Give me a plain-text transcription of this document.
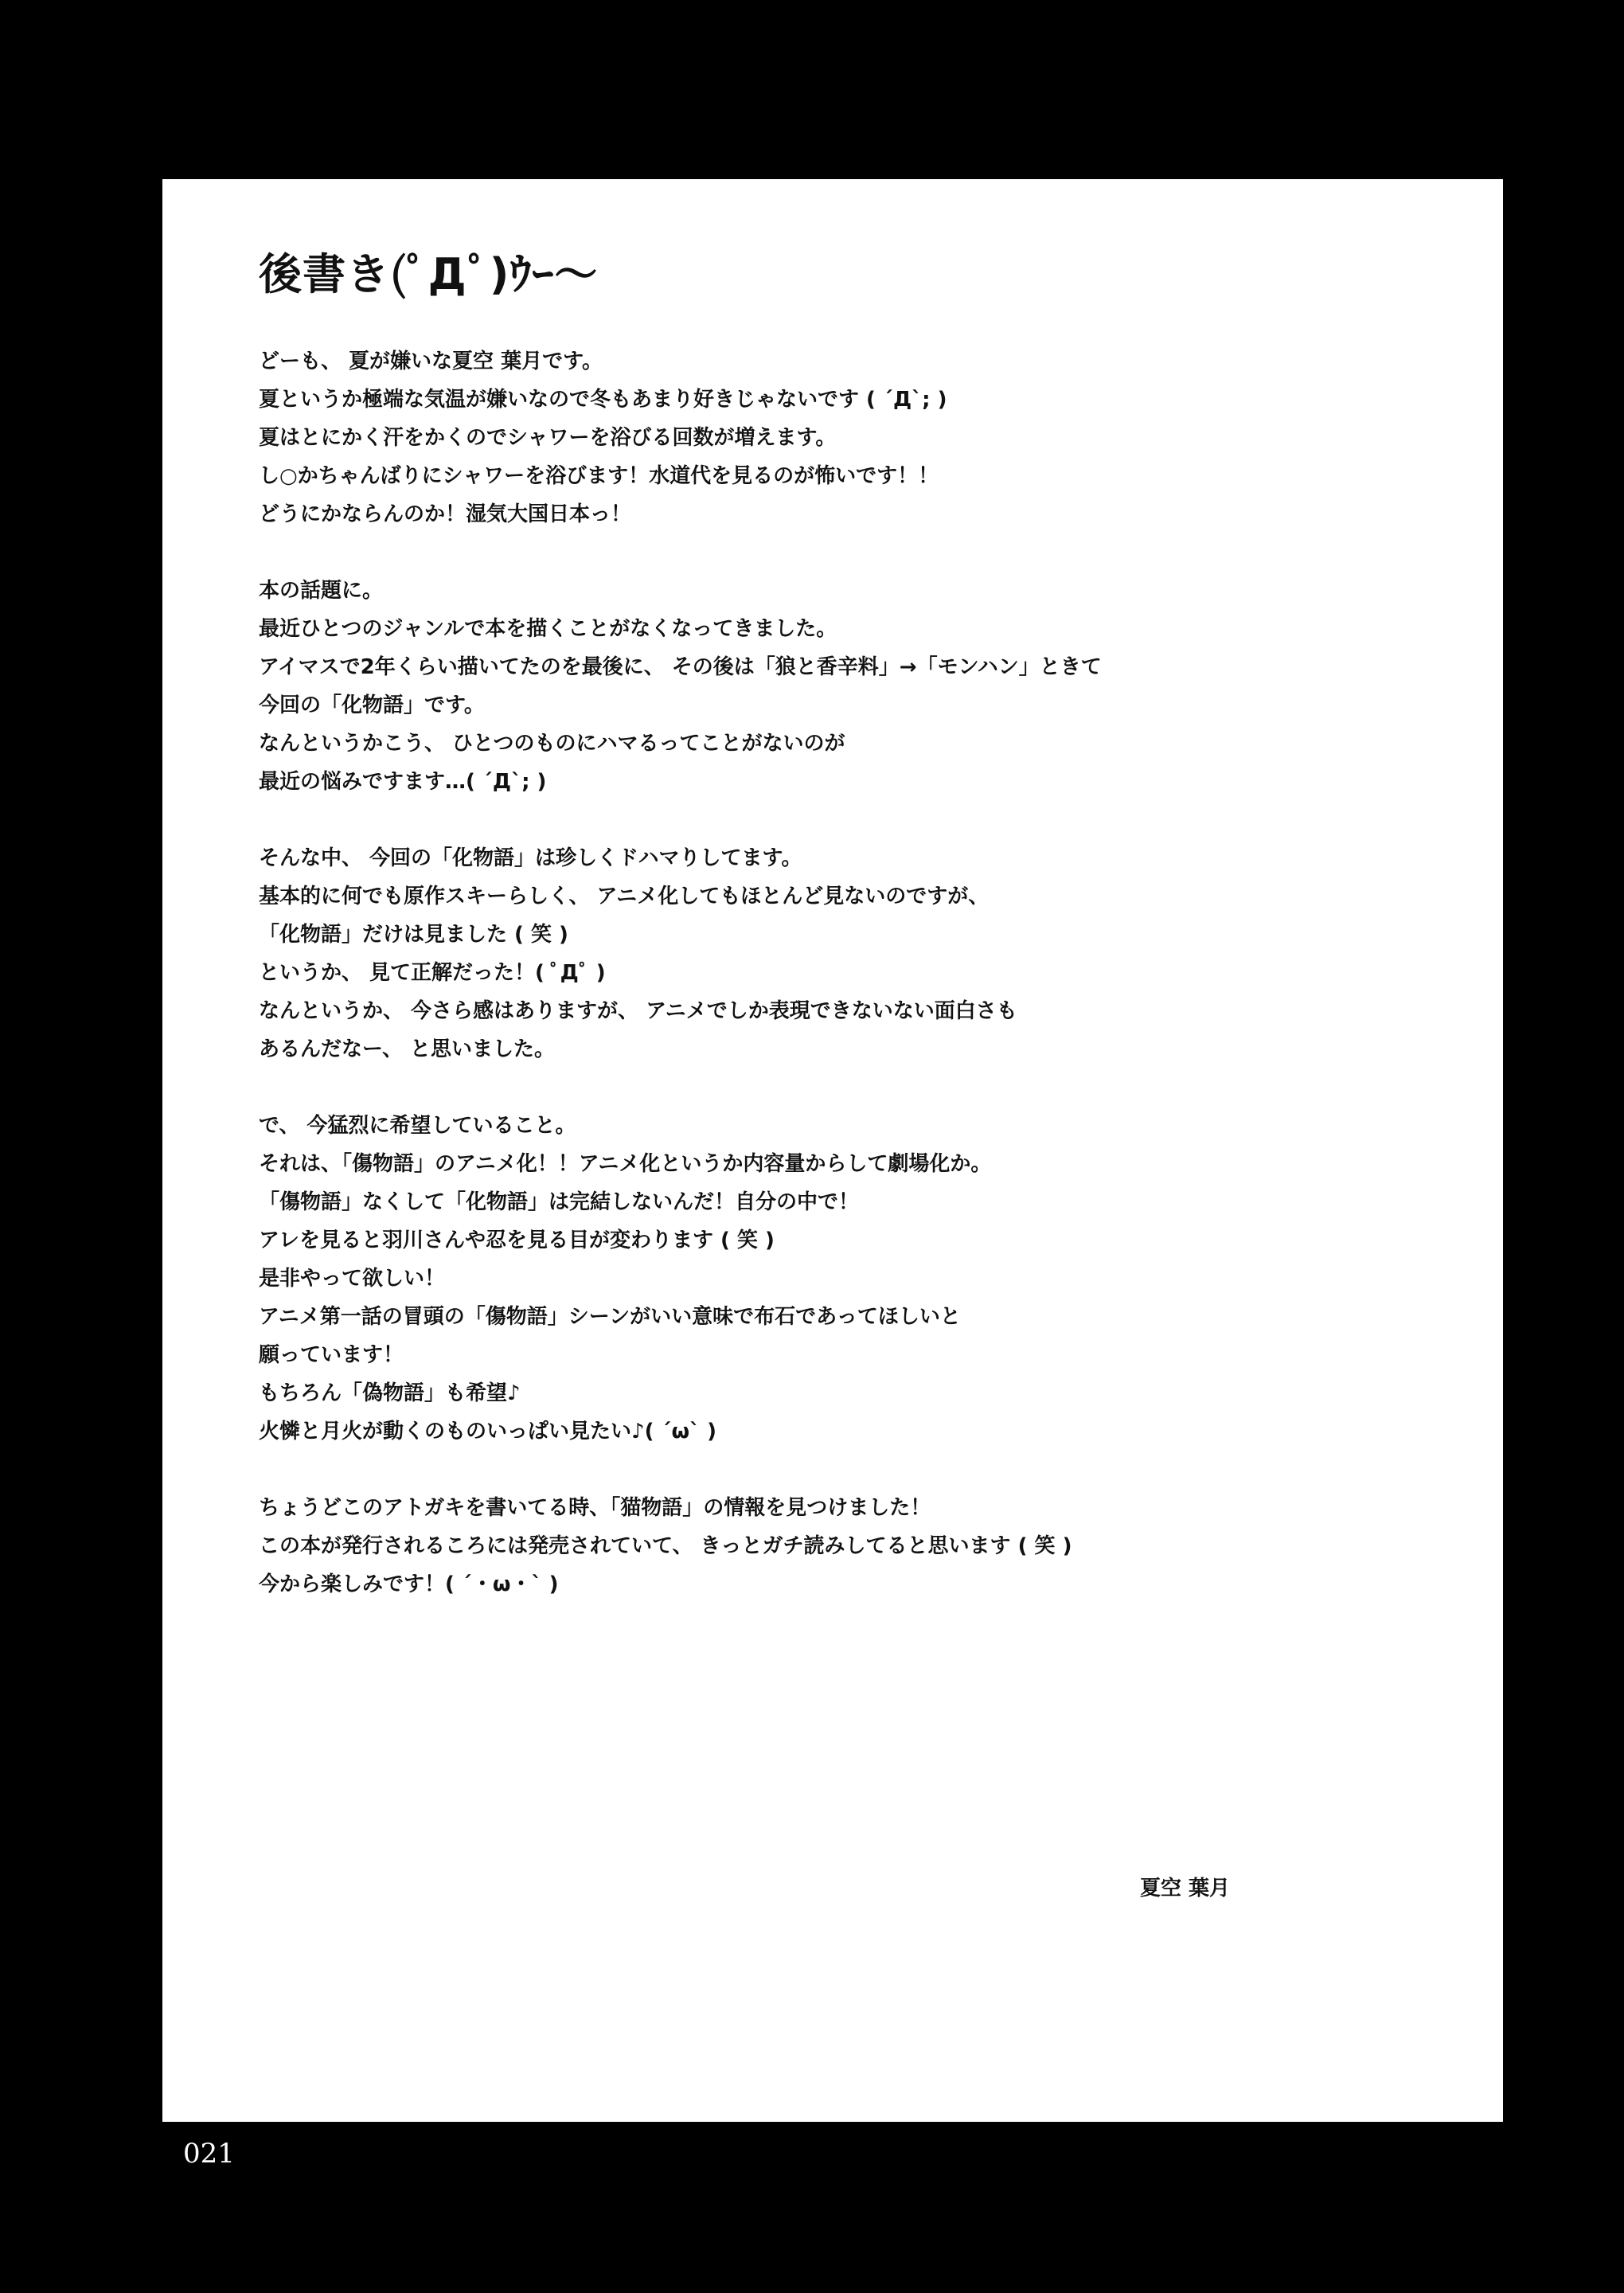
後書き(ﾟДﾟ)ｳｰ～
どーも、 夏が嫌いな夏空 葉月です。
夏というか極端な気温が嫌いなので冬もあまり好きじゃないです ( ´Д`; )
夏はとにかく汗をかくのでシャワーを浴びる回数が増えます。
し○かちゃんばりにシャワーを浴びます！水道代を見るのが怖いです！！
どうにかならんのか！湿気大国日本っ！
本の話題に。
最近ひとつのジャンルで本を描くことがなくなってきました。
アイマスで2年くらい描いてたのを最後に、 その後は「狼と香辛料」→「モンハン」ときて
今回の「化物語」です。
なんというかこう、 ひとつのものにハマるってことがないのが
最近の悩みですます…( ´Д`; )
そんな中、 今回の「化物語」は珍しくドハマりしてます。
基本的に何でも原作スキーらしく、 アニメ化してもほとんど見ないのですが、
「化物語」だけは見ました ( 笑 )
というか、 見て正解だった！( ﾟДﾟ )
なんというか、 今さら感はありますが、 アニメでしか表現できないない面白さも
あるんだなー、 と思いました。
で、 今猛烈に希望していること。
それは、「傷物語」のアニメ化！！アニメ化というか内容量からして劇場化か。
「傷物語」なくして「化物語」は完結しないんだ！自分の中で！
アレを見ると羽川さんや忍を見る目が変わります ( 笑 )
是非やって欲しい！
アニメ第一話の冒頭の「傷物語」シーンがいい意味で布石であってほしいと
願っています！
もちろん「偽物語」も希望♪
火憐と月火が動くのものいっぱい見たい♪( ´ω` )
ちょうどこのアトガキを書いてる時、「猫物語」の情報を見つけました！
この本が発行されるころには発売されていて、 きっとガチ読みしてると思います ( 笑 )
今から楽しみです！( ´・ω・` )
夏空 葉月
021
